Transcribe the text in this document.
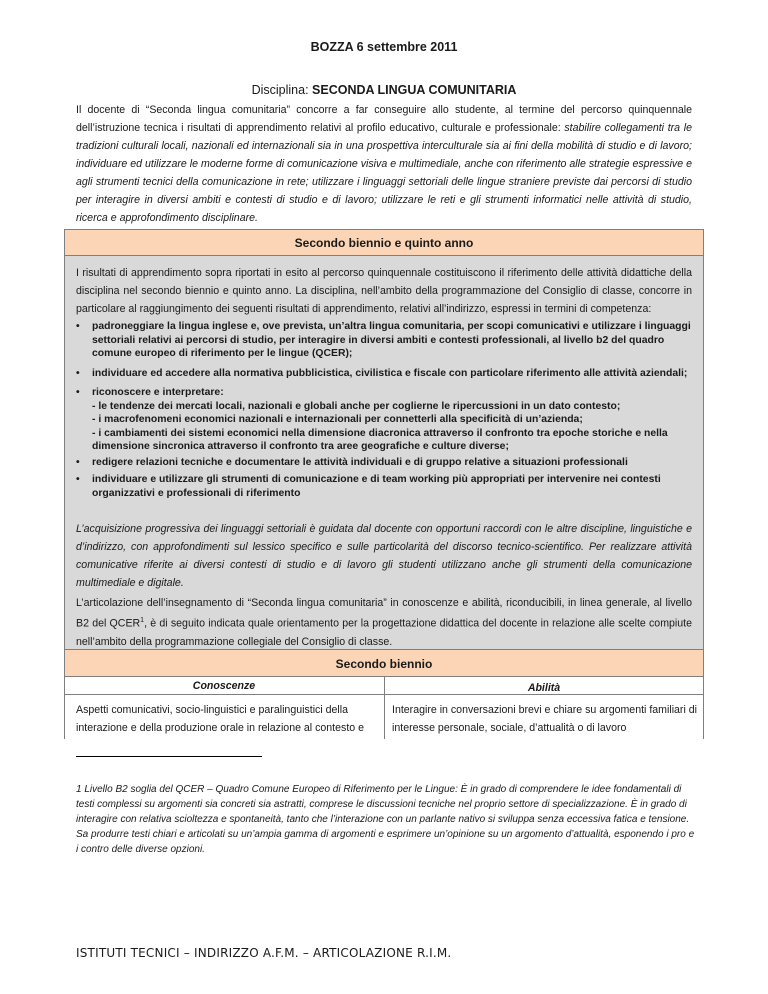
BOZZA 6 settembre 2011
Disciplina: SECONDA LINGUA COMUNITARIA
Il docente di “Seconda lingua comunitaria” concorre a far conseguire allo studente, al termine del percorso quinquennale dell’istruzione tecnica i risultati di apprendimento relativi al profilo educativo, culturale e professionale: stabilire collegamenti tra le tradizioni culturali locali, nazionali ed internazionali sia in una prospettiva interculturale sia ai fini della mobilità di studio e di lavoro; individuare ed utilizzare le moderne forme di comunicazione visiva e multimediale, anche con riferimento alle strategie espressive e agli strumenti tecnici della comunicazione in rete; utilizzare i linguaggi settoriali delle lingue straniere previste dai percorsi di studio per interagire in diversi ambiti e contesti di studio e di lavoro; utilizzare le reti e gli strumenti informatici nelle attività di studio, ricerca e approfondimento disciplinare.
Secondo biennio e quinto anno
I risultati di apprendimento sopra riportati in esito al percorso quinquennale costituiscono il riferimento delle attività didattiche della disciplina nel secondo biennio e quinto anno. La disciplina, nell’ambito della programmazione del Consiglio di classe, concorre in particolare al raggiungimento dei seguenti risultati di apprendimento, relativi all’indirizzo, espressi in termini di competenza:
• padroneggiare la lingua inglese e, ove prevista, un’altra lingua comunitaria, per scopi comunicativi e utilizzare i linguaggi settoriali relativi ai percorsi di studio, per interagire in diversi ambiti e contesti professionali, al livello b2 del quadro comune europeo di riferimento per le lingue (QCER);
• individuare ed accedere alla normativa pubblicistica, civilistica e fiscale con particolare riferimento alle attività aziendali;
• riconoscere e interpretare:
- le tendenze dei mercati locali, nazionali e globali anche per coglierne le ripercussioni in un dato contesto;
- i macrofenomeni economici nazionali e internazionali per connetterli alla specificità di un’azienda;
- i cambiamenti dei sistemi economici nella dimensione diacronica attraverso il confronto tra epoche storiche e nella dimensione sincronica attraverso il confronto tra aree geografiche e culture diverse;
• redigere relazioni tecniche e documentare le attività individuali e di gruppo relative a situazioni professionali
• individuare e utilizzare gli strumenti di comunicazione e di team working più appropriati per intervenire nei contesti organizzativi e professionali di riferimento
L’acquisizione progressiva dei linguaggi settoriali è guidata dal docente con opportuni raccordi con le altre discipline, linguistiche e d’indirizzo, con approfondimenti sul lessico specifico e sulle particolarità del discorso tecnico-scientifico. Per realizzare attività comunicative riferite ai diversi contesti di studio e di lavoro gli studenti utilizzano anche gli strumenti della comunicazione multimediale e digitale.
L’articolazione dell’insegnamento di “Seconda lingua comunitaria” in conoscenze e abilità, riconducibili, in linea generale, al livello B2 del QCER$^1$, è di seguito indicata quale orientamento per la progettazione didattica del docente in relazione alle scelte compiute nell’ambito della programmazione collegiale del Consiglio di classe.
Secondo biennio
Conoscenze	Abilità
Aspetti comunicativi, socio-linguistici e paralinguistici della interazione e della produzione orale in relazione al contesto e
Interagire in conversazioni brevi e chiare su argomenti familiari di interesse personale, sociale, d’attualità o di lavoro
1 Livello B2 soglia del QCER – Quadro Comune Europeo di Riferimento per le Lingue: È in grado di comprendere le idee fondamentali di testi complessi su argomenti sia concreti sia astratti, comprese le discussioni tecniche nel proprio settore di specializzazione. È in grado di interagire con relativa scioltezza e spontaneità, tanto che l’interazione con un parlante nativo si sviluppa senza eccessiva fatica e tensione. Sa produrre testi chiari e articolati su un’ampia gamma di argomenti e esprimere un’opinione su un argomento d’attualità, esponendo i pro e i contro delle diverse opzioni.
ISTITUTI TECNICI – INDIRIZZO A.F.M. – ARTICOLAZIONE R.I.M.
